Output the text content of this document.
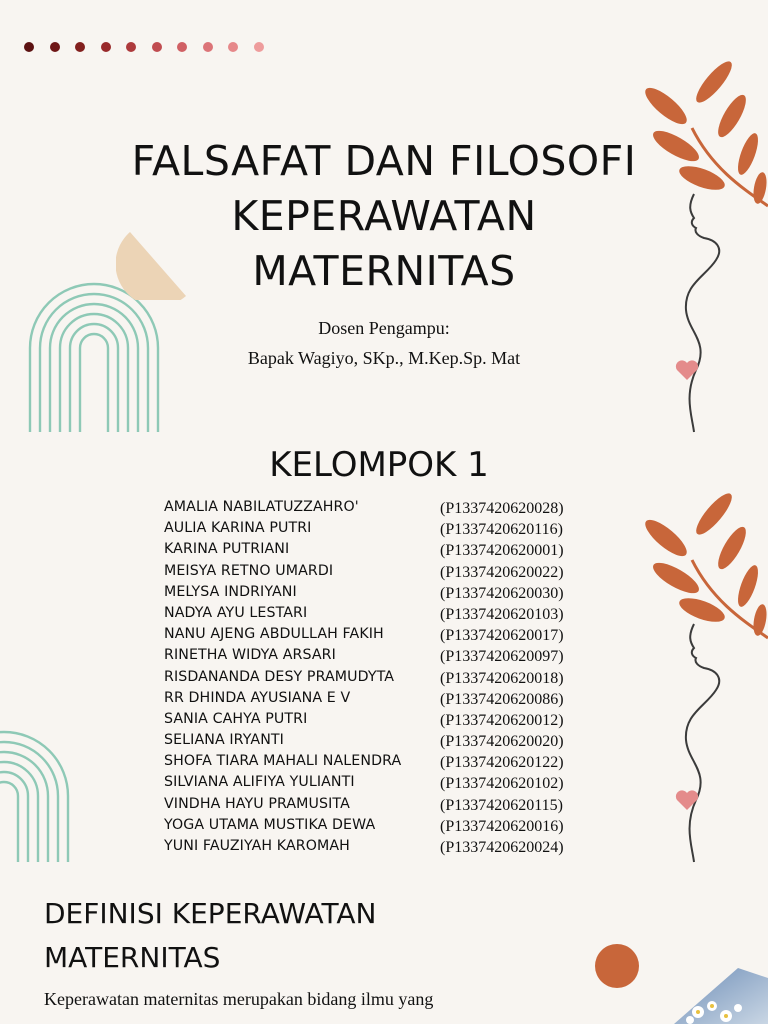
FALSAFAT DAN FILOSOFI
KEPERAWATAN
MATERNITAS
Dosen Pengampu:
Bapak Wagiyo, SKp., M.Kep.Sp. Mat
KELOMPOK 1
AMALIA NABILATUZZAHRO'	(P1337420620028)
AULIA KARINA PUTRI	(P1337420620116)
KARINA PUTRIANI	(P1337420620001)
MEISYA RETNO UMARDI	(P1337420620022)
MELYSA INDRIYANI	(P1337420620030)
NADYA AYU LESTARI	(P1337420620103)
NANU AJENG ABDULLAH FAKIH	(P1337420620017)
RINETHA WIDYA ARSARI	(P1337420620097)
RISDANANDA DESY PRAMUDYTA	(P1337420620018)
RR DHINDA AYUSIANA E V	(P1337420620086)
SANIA CAHYA PUTRI	(P1337420620012)
SELIANA IRYANTI	(P1337420620020)
SHOFA TIARA MAHALI NALENDRA	(P1337420620122)
SILVIANA ALIFIYA YULIANTI	(P1337420620102)
VINDHA HAYU PRAMUSITA	(P1337420620115)
YOGA UTAMA MUSTIKA DEWA	(P1337420620016)
YUNI FAUZIYAH KAROMAH	(P1337420620024)
DEFINISI KEPERAWATAN
MATERNITAS
Keperawatan maternitas merupakan bidang ilmu yang
